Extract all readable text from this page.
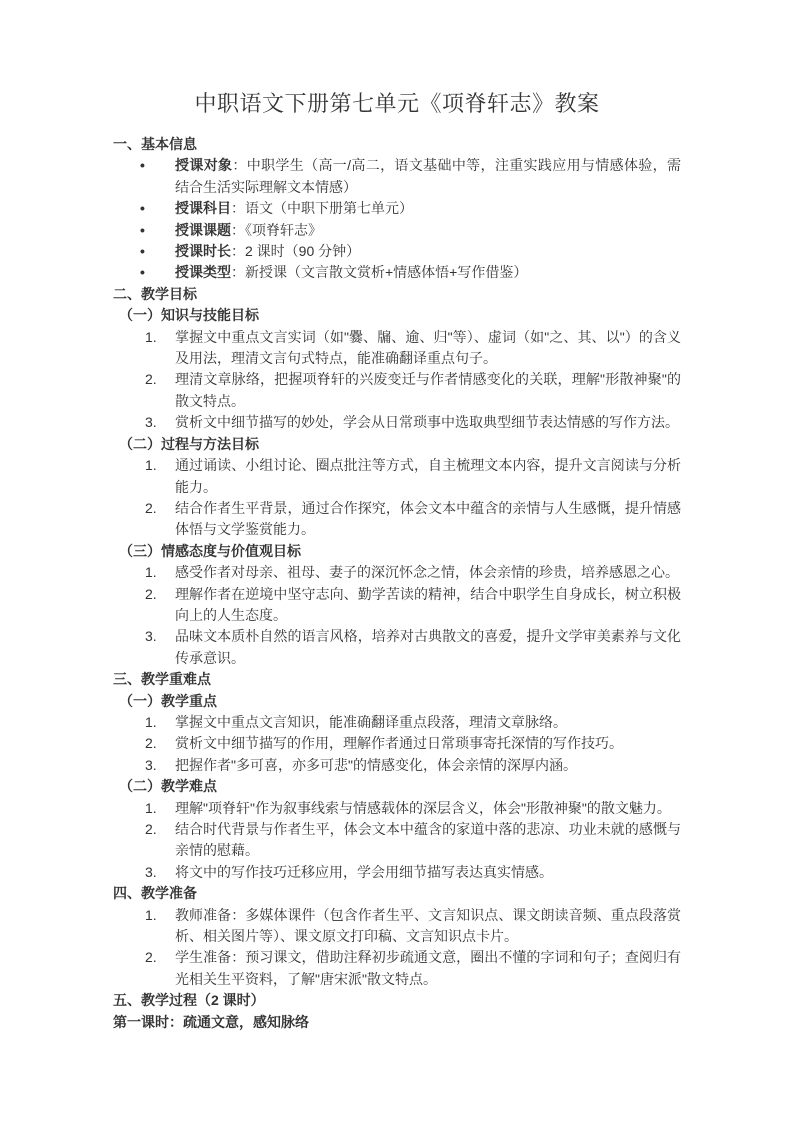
中职语文下册第七单元《项脊轩志》教案
一、基本信息
•	授课对象：中职学生（高一/高二，语文基础中等，注重实践应用与情感体验，需结合生活实际理解文本情感）
•	授课科目：语文（中职下册第七单元）
•	授课课题：《项脊轩志》
•	授课时长：2 课时（90 分钟）
•	授课类型：新授课（文言散文赏析+情感体悟+写作借鉴）
二、教学目标
（一）知识与技能目标
1.	掌握文中重点文言实词（如"爨、牖、逾、归"等）、虚词（如"之、其、以"）的含义及用法，理清文言句式特点，能准确翻译重点句子。
2.	理清文章脉络，把握项脊轩的兴废变迁与作者情感变化的关联，理解"形散神聚"的散文特点。
3.	赏析文中细节描写的妙处，学会从日常琐事中选取典型细节表达情感的写作方法。
（二）过程与方法目标
1.	通过诵读、小组讨论、圈点批注等方式，自主梳理文本内容，提升文言阅读与分析能力。
2.	结合作者生平背景，通过合作探究，体会文本中蕴含的亲情与人生感慨，提升情感体悟与文学鉴赏能力。
（三）情感态度与价值观目标
1.	感受作者对母亲、祖母、妻子的深沉怀念之情，体会亲情的珍贵，培养感恩之心。
2.	理解作者在逆境中坚守志向、勤学苦读的精神，结合中职学生自身成长，树立积极向上的人生态度。
3.	品味文本质朴自然的语言风格，培养对古典散文的喜爱，提升文学审美素养与文化传承意识。
三、教学重难点
（一）教学重点
1.	掌握文中重点文言知识，能准确翻译重点段落，理清文章脉络。
2.	赏析文中细节描写的作用，理解作者通过日常琐事寄托深情的写作技巧。
3.	把握作者"多可喜，亦多可悲"的情感变化，体会亲情的深厚内涵。
（二）教学难点
1.	理解"项脊轩"作为叙事线索与情感载体的深层含义，体会"形散神聚"的散文魅力。
2.	结合时代背景与作者生平，体会文本中蕴含的家道中落的悲凉、功业未就的感慨与亲情的慰藉。
3.	将文中的写作技巧迁移应用，学会用细节描写表达真实情感。
四、教学准备
1.	教师准备：多媒体课件（包含作者生平、文言知识点、课文朗读音频、重点段落赏析、相关图片等）、课文原文打印稿、文言知识点卡片。
2.	学生准备：预习课文，借助注释初步疏通文意，圈出不懂的字词和句子；查阅归有光相关生平资料，了解"唐宋派"散文特点。
五、教学过程（2 课时）
第一课时：疏通文意，感知脉络
